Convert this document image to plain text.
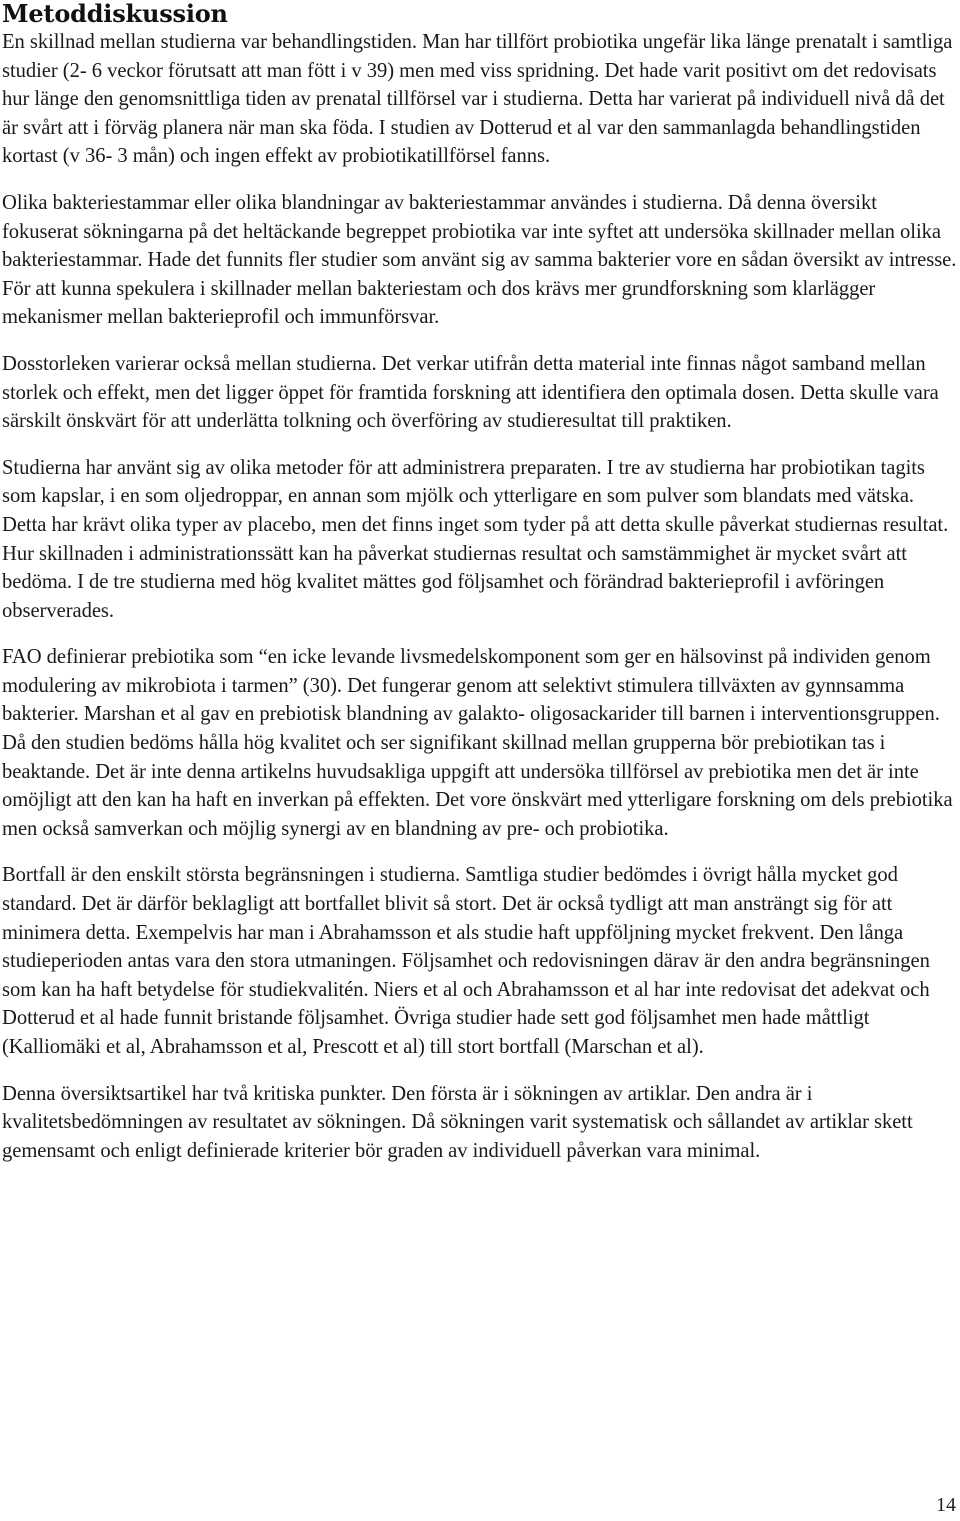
Metoddiskussion

En skillnad mellan studierna var behandlingstiden. Man har tillfört probiotika ungefär lika länge prenatalt i samtliga studier (2- 6 veckor förutsatt att man fött i v 39) men med viss spridning. Det hade varit positivt om det redovisats hur länge den genomsnittliga tiden av prenatal tillförsel var i studierna. Detta har varierat på individuell nivå då det är svårt att i förväg planera när man ska föda. I studien av Dotterud et al var den sammanlagda behandlingstiden kortast (v 36- 3 mån) och ingen effekt av probiotikatillförsel fanns.

Olika bakteriestammar eller olika blandningar av bakteriestammar användes i studierna. Då denna översikt fokuserat sökningarna på det heltäckande begreppet probiotika var inte syftet att undersöka skillnader mellan olika bakteriestammar. Hade det funnits fler studier som använt sig av samma bakterier vore en sådan översikt av intresse. För att kunna spekulera i skillnader mellan bakteriestam och dos krävs mer grundforskning som klarlägger mekanismer mellan bakterieprofil och immunförsvar.

Dosstorleken varierar också mellan studierna. Det verkar utifrån detta material inte finnas något samband mellan storlek och effekt, men det ligger öppet för framtida forskning att identifiera den optimala dosen. Detta skulle vara särskilt önskvärt för att underlätta tolkning och överföring av studieresultat till praktiken.

Studierna har använt sig av olika metoder för att administrera preparaten. I tre av studierna har probiotikan tagits som kapslar, i en som oljedroppar, en annan som mjölk och ytterligare en som pulver som blandats med vätska. Detta har krävt olika typer av placebo, men det finns inget som tyder på att detta skulle påverkat studiernas resultat. Hur skillnaden i administrationssätt kan ha påverkat studiernas resultat och samstämmighet är mycket svårt att bedöma. I de tre studierna med hög kvalitet mättes god följsamhet och förändrad bakterieprofil i avföringen observerades.

FAO definierar prebiotika som “en icke levande livsmedelskomponent som ger en hälsovinst på individen genom modulering av mikrobiota i tarmen” (30). Det fungerar genom att selektivt stimulera tillväxten av gynnsamma bakterier. Marshan et al gav en prebiotisk blandning av galakto- oligosackarider till barnen i interventionsgruppen. Då den studien bedöms hålla hög kvalitet och ser signifikant skillnad mellan grupperna bör prebiotikan tas i beaktande. Det är inte denna artikelns huvudsakliga uppgift att undersöka tillförsel av prebiotika men det är inte omöjligt att den kan ha haft en inverkan på effekten. Det vore önskvärt med ytterligare forskning om dels prebiotika men också samverkan och möjlig synergi av en blandning av pre- och probiotika.

Bortfall är den enskilt största begränsningen i studierna. Samtliga studier bedömdes i övrigt hålla mycket god standard. Det är därför beklagligt att bortfallet blivit så stort. Det är också tydligt att man ansträngt sig för att minimera detta. Exempelvis har man i Abrahamsson et als studie haft uppföljning mycket frekvent. Den långa studieperioden antas vara den stora utmaningen. Följsamhet och redovisningen därav är den andra begränsningen som kan ha haft betydelse för studiekvalitén. Niers et al och Abrahamsson et al har inte redovisat det adekvat och Dotterud et al hade funnit bristande följsamhet. Övriga studier hade sett god följsamhet men hade måttligt (Kalliomäki et al, Abrahamsson et al, Prescott et al) till stort bortfall (Marschan et al).

Denna översiktsartikel har två kritiska punkter. Den första är i sökningen av artiklar. Den andra är i kvalitetsbedömningen av resultatet av sökningen. Då sökningen varit systematisk och sållandet av artiklar skett gemensamt och enligt definierade kriterier bör graden av individuell påverkan vara minimal.

14
